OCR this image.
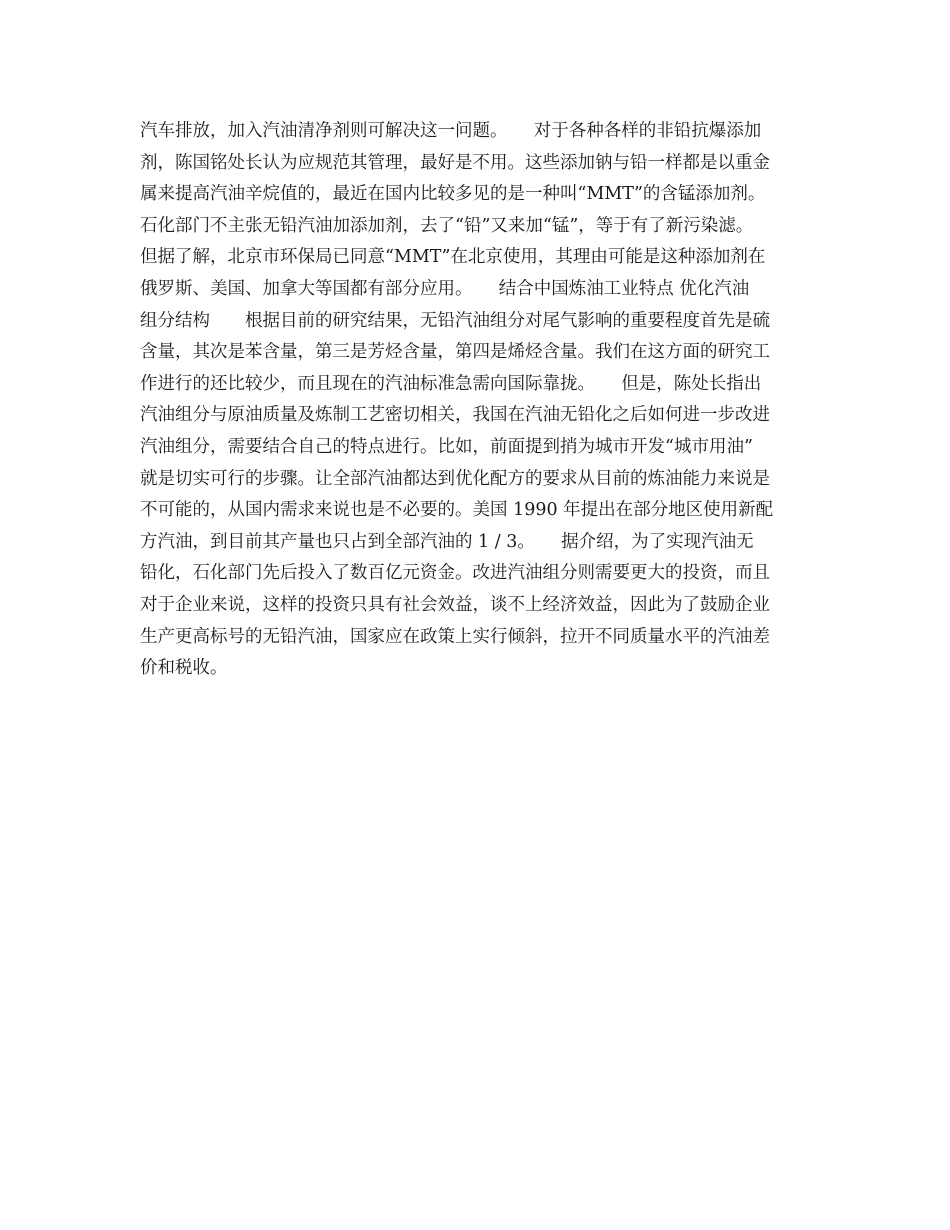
汽车排放，加入汽油清净剂则可解决这一问题。　　对于各种各样的非铅抗爆添加
剂，陈国铭处长认为应规范其管理，最好是不用。这些添加钠与铅一样都是以重金
属来提高汽油辛烷值的，最近在国内比较多见的是一种叫“MMT”的含锰添加剂。
石化部门不主张无铅汽油加添加剂，去了“铅”又来加“锰”，等于有了新污染滤。
但据了解，北京市环保局已同意“MMT”在北京使用，其理由可能是这种添加剂在
俄罗斯、美国、加拿大等国都有部分应用。　　结合中国炼油工业特点 优化汽油
组分结构　　根据目前的研究结果，无铅汽油组分对尾气影响的重要程度首先是硫
含量，其次是苯含量，第三是芳烃含量，第四是烯烃含量。我们在这方面的研究工
作进行的还比较少，而且现在的汽油标准急需向国际靠拢。　　但是，陈处长指出
汽油组分与原油质量及炼制工艺密切相关，我国在汽油无铅化之后如何进一步改进
汽油组分，需要结合自己的特点进行。比如，前面提到捎为城市开发“城市用油”
就是切实可行的步骤。让全部汽油都达到优化配方的要求从目前的炼油能力来说是
不可能的，从国内需求来说也是不必要的。美国 1990 年提出在部分地区使用新配
方汽油，到目前其产量也只占到全部汽油的 1 / 3。　　据介绍，为了实现汽油无
铅化，石化部门先后投入了数百亿元资金。改进汽油组分则需要更大的投资，而且
对于企业来说，这样的投资只具有社会效益，谈不上经济效益，因此为了鼓励企业
生产更高标号的无铅汽油，国家应在政策上实行倾斜，拉开不同质量水平的汽油差
价和税收。
